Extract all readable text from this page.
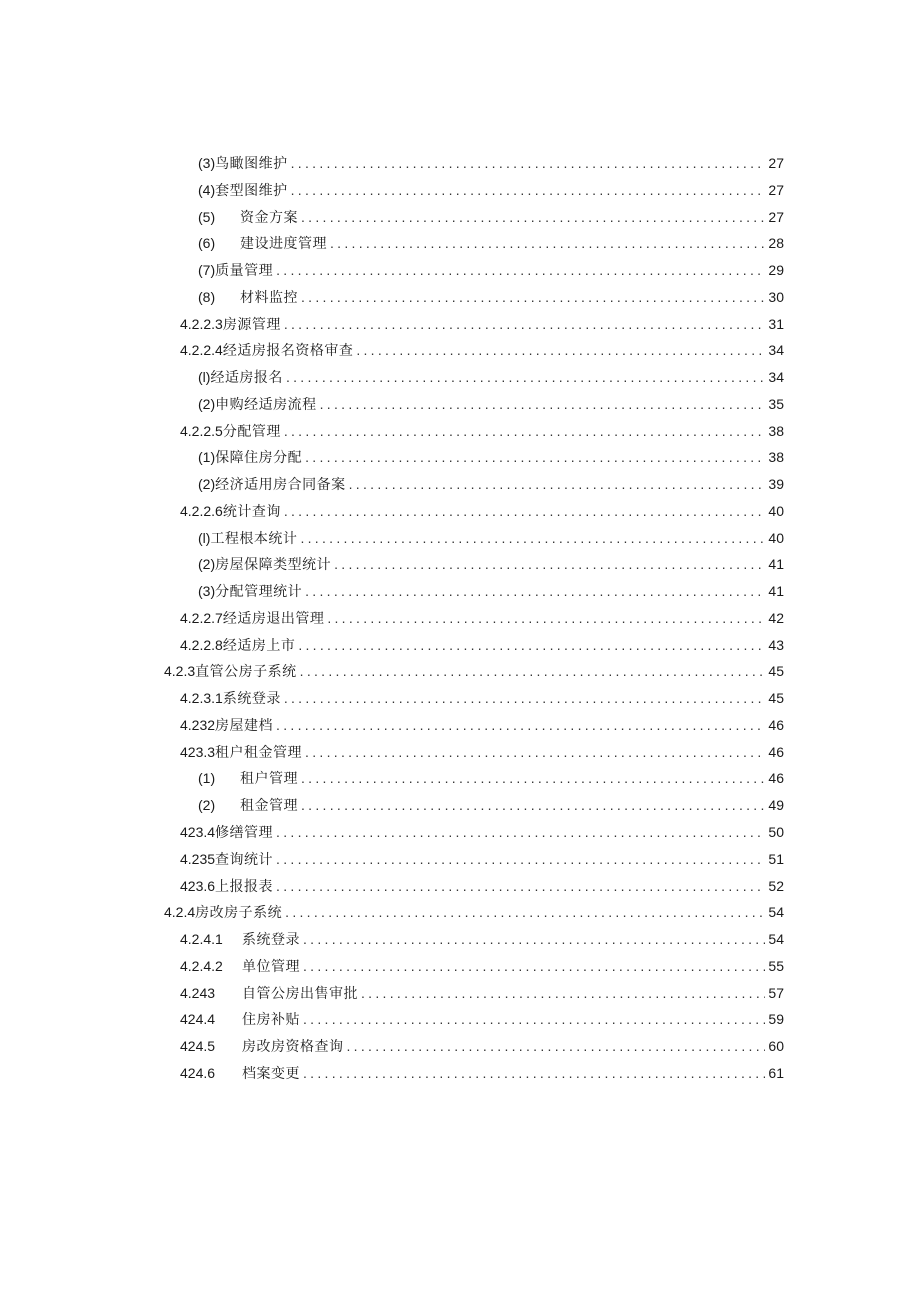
(3) 鸟瞰图维护 . . .	27
(4) 套型图维护 . . .	27
(5)	资金方案 . . .	27
(6)	建设进度管理 . . .	28
(7) 质量管理 . . .	29
(8)	材料监控 . . .	30
4.2.2.3 房源管理 . . .	31
4.2.2.4 经适房报名资格审查 . . .	34
(l) 经适房报名 . . .	34
(2) 申购经适房流程 . . .	35
4.2.2.5 分配管理 . . .	38
(1) 保障住房分配 . . .	38
(2) 经济适用房合同备案 . . .	39
4.2.2.6 统计查询 . . .	40
(l) 工程根本统计 . . .	40
(2) 房屋保障类型统计 . . .	41
(3) 分配管理统计 . . .	41
4.2.2.7 经适房退出管理 . . .	42
4.2.2.8 经适房上市 . . .	43
4.2.3 直管公房子系统 . . .	45
4.2.3.1 系统登录 . . .	45
4.232 房屋建档 . . .	46
423.3 租户租金管理 . . .	46
(1)	租户管理 . . .	46
(2)	租金管理 . . .	49
423.4 修缮管理 . . .	50
4.235 查询统计 . . .	51
423.6 上报报表 . . .	52
4.2.4 房改房子系统 . . .	54
4.2.4.1	系统登录 . . .	54
4.2.4.2	单位管理 . . .	55
4.243	自管公房出售审批 . . .	57
424.4	住房补贴 . . .	59
424.5	房改房资格查询 . . .	60
424.6	档案变更 . . .	61
